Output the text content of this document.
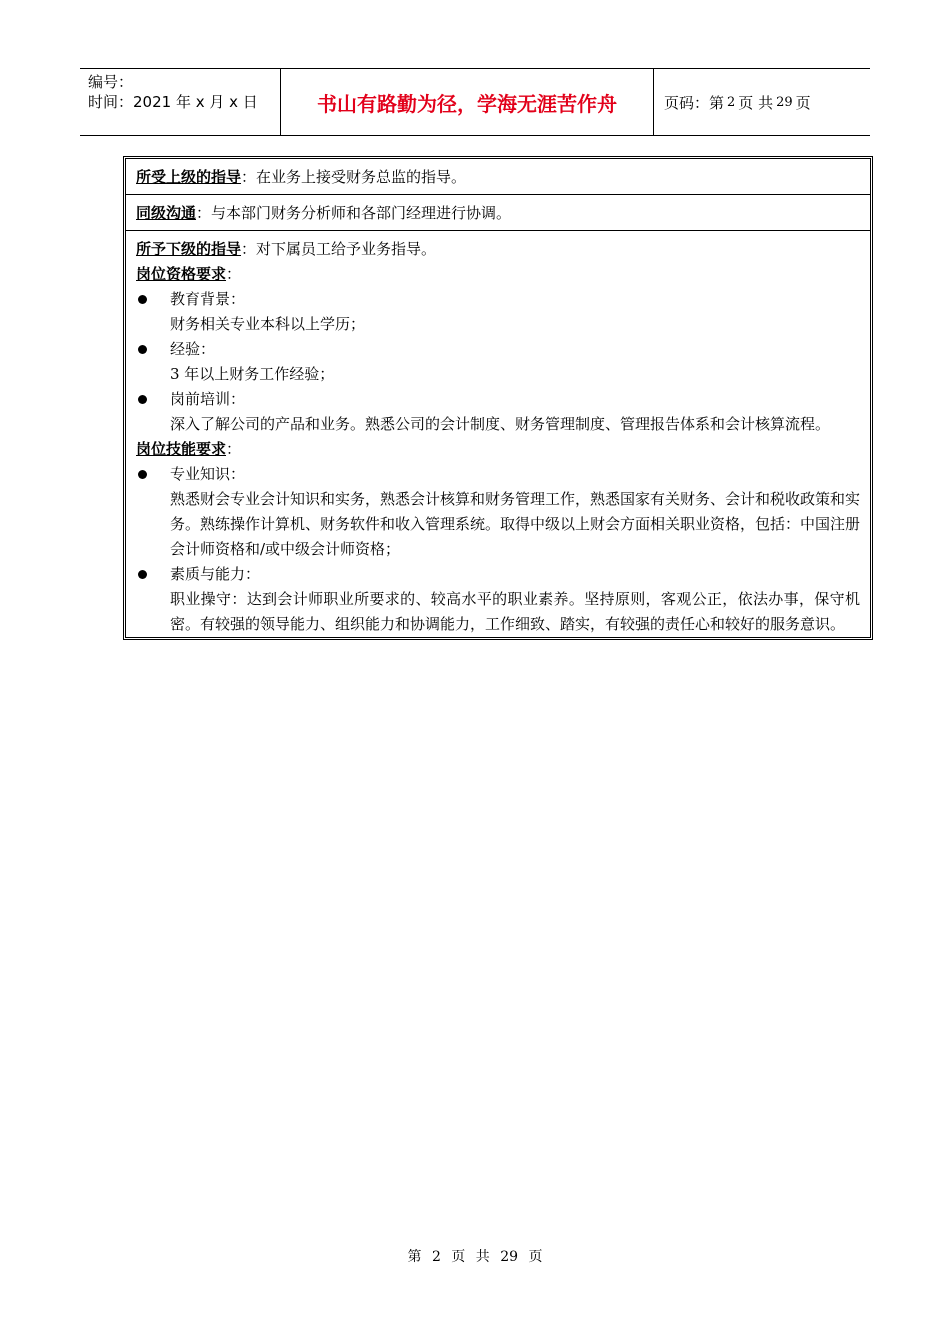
编号：
时间：2021 年 x 月 x 日	书山有路勤为径，学海无涯苦作舟	页码：第 2 页 共 29 页
所受上级的指导：在业务上接受财务总监的指导。
同级沟通：与本部门财务分析师和各部门经理进行协调。
所予下级的指导：对下属员工给予业务指导。
岗位资格要求：
教育背景：
财务相关专业本科以上学历；
经验：
3 年以上财务工作经验；
岗前培训：
深入了解公司的产品和业务。熟悉公司的会计制度、财务管理制度、管理报告体系和会计核算流程。
岗位技能要求：
专业知识：
熟悉财会专业会计知识和实务，熟悉会计核算和财务管理工作，熟悉国家有关财务、会计和税收政策和实务。熟练操作计算机、财务软件和收入管理系统。取得中级以上财会方面相关职业资格，包括：中国注册会计师资格和/或中级会计师资格；
素质与能力：
职业操守：达到会计师职业所要求的、较高水平的职业素养。坚持原则，客观公正，依法办事，保守机密。有较强的领导能力、组织能力和协调能力，工作细致、踏实，有较强的责任心和较好的服务意识。
第 2 页 共 29 页
